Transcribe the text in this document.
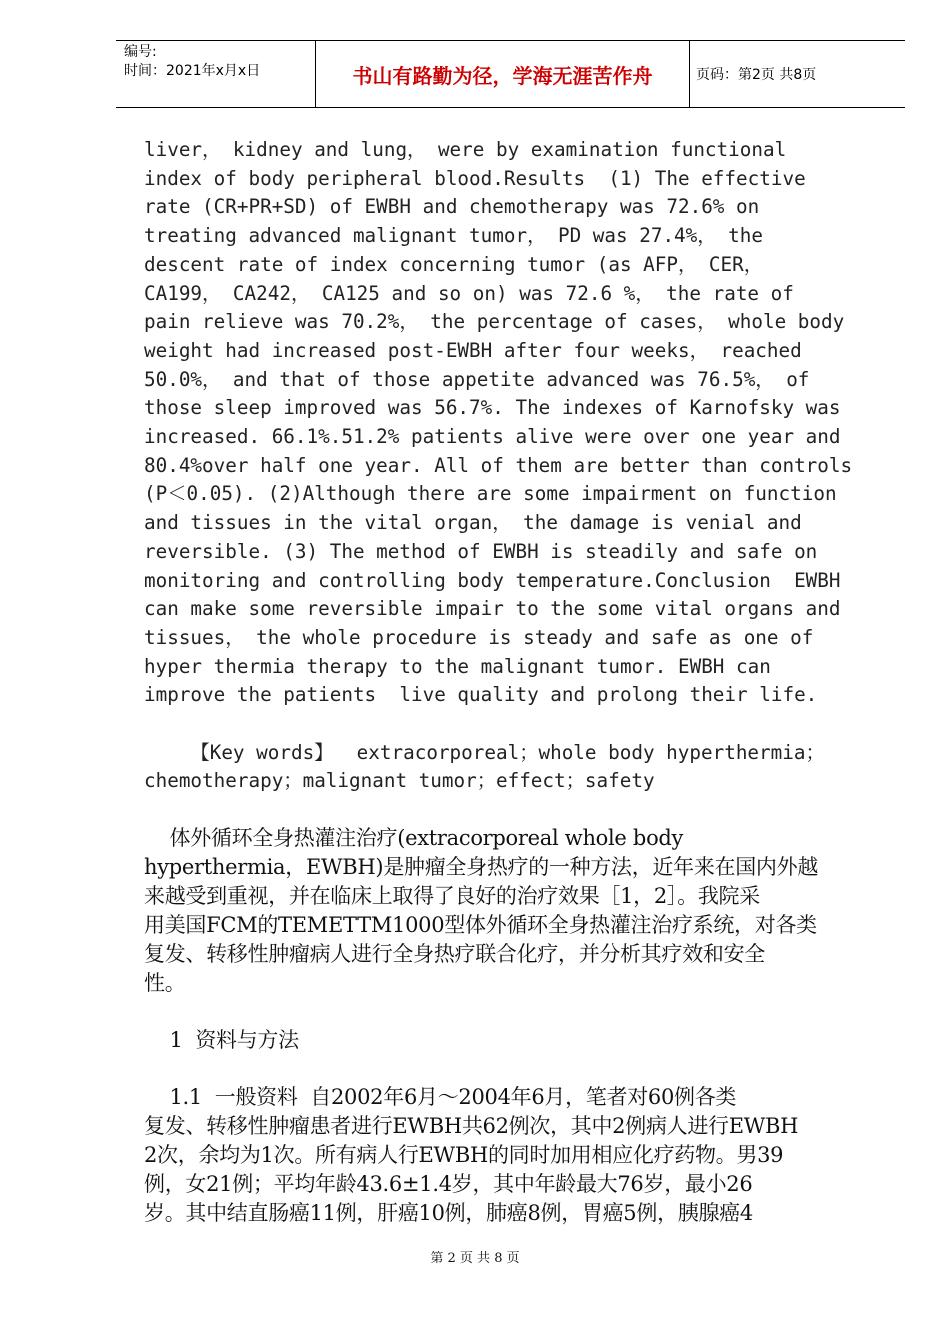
编号:
时间：2021年x月x日	书山有路勤为径，学海无涯苦作舟	页码：第2页 共8页
liver， kidney and lung， were by examination functional
index of body peripheral blood.Results  (1) The effective
rate (CR+PR+SD) of EWBH and chemotherapy was 72.6% on
treating advanced malignant tumor， PD was 27.4%， the
descent rate of index concerning tumor (as AFP， CER，
CA199， CA242， CA125 and so on) was 72.6 %， the rate of
pain relieve was 70.2%， the percentage of cases， whole body
weight had increased post-EWBH after four weeks， reached
50.0%， and that of those appetite advanced was 76.5%， of
those sleep improved was 56.7%. The indexes of Karnofsky was
increased. 66.1%.51.2% patients alive were over one year and
80.4%over half one year. All of them are better than controls
(P＜0.05). (2)Although there are some impairment on function
and tissues in the vital organ， the damage is venial and
reversible. (3) The method of EWBH is steadily and safe on
monitoring and controlling body temperature.Conclusion  EWBH
can make some reversible impair to the some vital organs and
tissues， the whole procedure is steady and safe as one of
hyper thermia therapy to the malignant tumor. EWBH can
improve the patients  live quality and prolong their life.
【Key words】  extracorporeal；whole body hyperthermia；
chemotherapy；malignant tumor；effect；safety
体外循环全身热灌注治疗(extracorporeal whole body
hyperthermia，EWBH)是肿瘤全身热疗的一种方法，近年来在国内外越
来越受到重视，并在临床上取得了良好的治疗效果［1，2］。我院采
用美国FCM的TEMETTM1000型体外循环全身热灌注治疗系统，对各类
复发、转移性肿瘤病人进行全身热疗联合化疗，并分析其疗效和安全
性。
1  资料与方法
1.1  一般资料  自2002年6月～2004年6月，笔者对60例各类
复发、转移性肿瘤患者进行EWBH共62例次，其中2例病人进行EWBH
2次，余均为1次。所有病人行EWBH的同时加用相应化疗药物。男39
例，女21例；平均年龄43.6±1.4岁，其中年龄最大76岁，最小26
岁。其中结直肠癌11例，肝癌10例，肺癌8例，胃癌5例，胰腺癌4
第 2 页 共 8 页
